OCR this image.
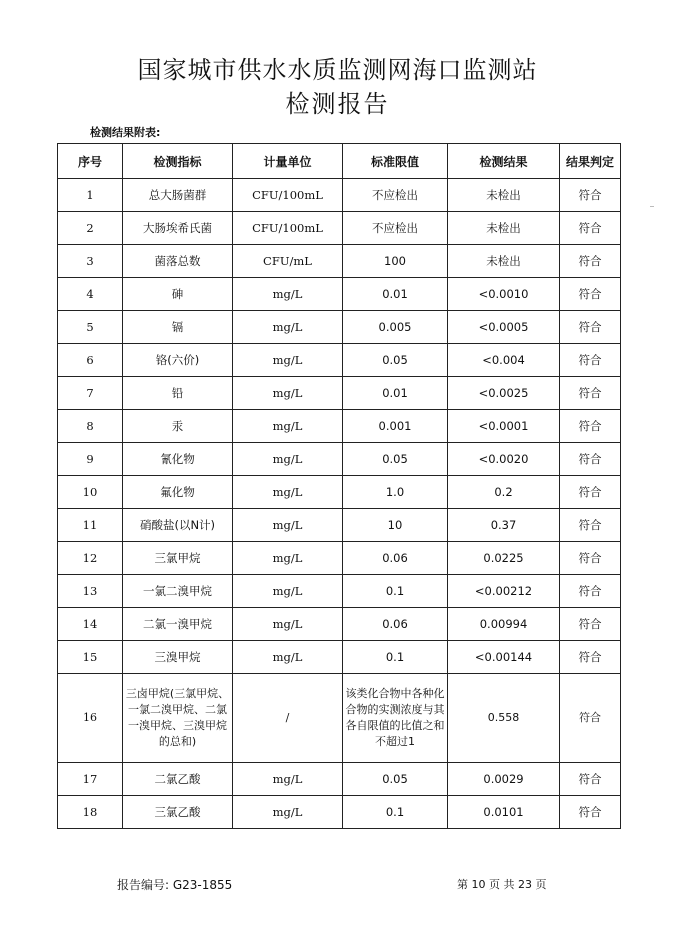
国家城市供水水质监测网海口监测站
检测报告
检测结果附表:
序号	检测指标	计量单位	标准限值	检测结果	结果判定
1	总大肠菌群	CFU/100mL	不应检出	未检出	符合
2	大肠埃希氏菌	CFU/100mL	不应检出	未检出	符合
3	菌落总数	CFU/mL	100	未检出	符合
4	砷	mg/L	0.01	<0.0010	符合
5	镉	mg/L	0.005	<0.0005	符合
6	铬(六价)	mg/L	0.05	<0.004	符合
7	铅	mg/L	0.01	<0.0025	符合
8	汞	mg/L	0.001	<0.0001	符合
9	氰化物	mg/L	0.05	<0.0020	符合
10	氟化物	mg/L	1.0	0.2	符合
11	硝酸盐(以N计)	mg/L	10	0.37	符合
12	三氯甲烷	mg/L	0.06	0.0225	符合
13	一氯二溴甲烷	mg/L	0.1	<0.00212	符合
14	二氯一溴甲烷	mg/L	0.06	0.00994	符合
15	三溴甲烷	mg/L	0.1	<0.00144	符合
16	三卤甲烷(三氯甲烷、一氯二溴甲烷、二氯一溴甲烷、三溴甲烷的总和)	/	该类化合物中各种化合物的实测浓度与其各自限值的比值之和不超过1	0.558	符合
17	二氯乙酸	mg/L	0.05	0.0029	符合
18	三氯乙酸	mg/L	0.1	0.0101	符合
报告编号: G23-1855	第 10 页 共 23 页
